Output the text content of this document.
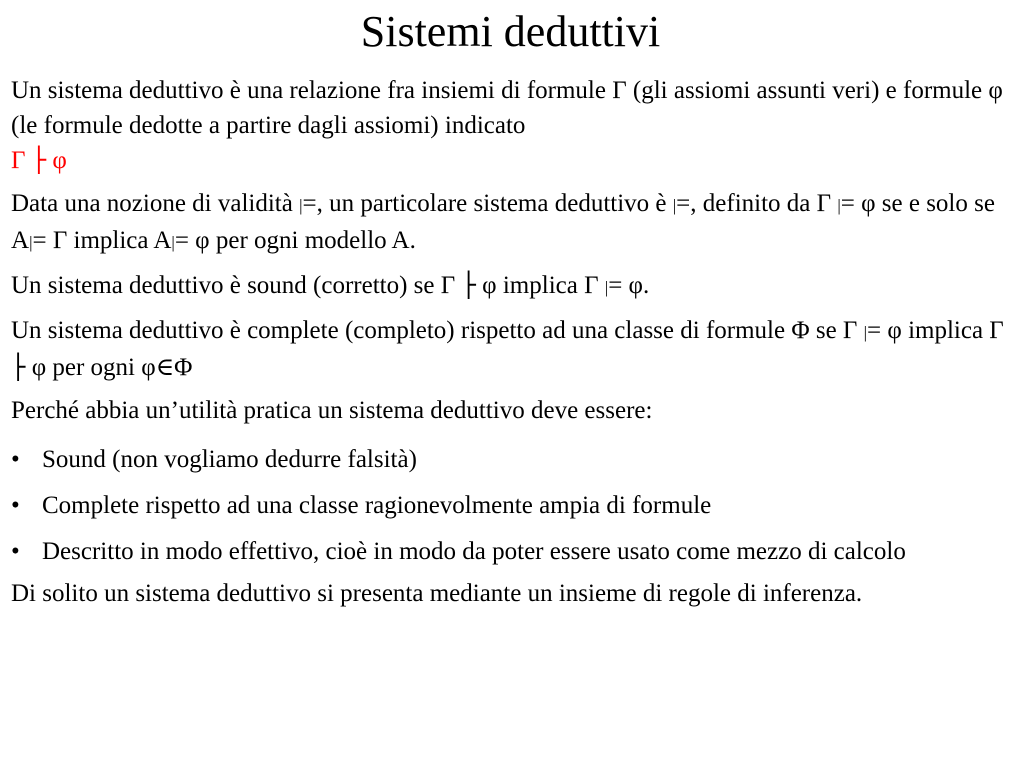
Sistemi deduttivi

Un sistema deduttivo è una relazione fra insiemi di formule Γ (gli assiomi assunti veri) e formule φ (le formule dedotte a partire dagli assiomi) indicato
Γ ├ φ

Data una nozione di validità |=, un particolare sistema deduttivo è |=, definito da Γ |= φ se e solo se A|= Γ implica A|= φ per ogni modello A.

Un sistema deduttivo è sound (corretto) se Γ ├ φ implica Γ |= φ.

Un sistema deduttivo è complete (completo) rispetto ad una classe di formule Φ se Γ |= φ implica Γ ├ φ per ogni φ∈Φ

Perché abbia un’utilità pratica un sistema deduttivo deve essere:

• Sound (non vogliamo dedurre falsità)
• Complete rispetto ad una classe ragionevolmente ampia di formule
• Descritto in modo effettivo, cioè in modo da poter essere usato come mezzo di calcolo

Di solito un sistema deduttivo si presenta mediante un insieme di regole di inferenza.
